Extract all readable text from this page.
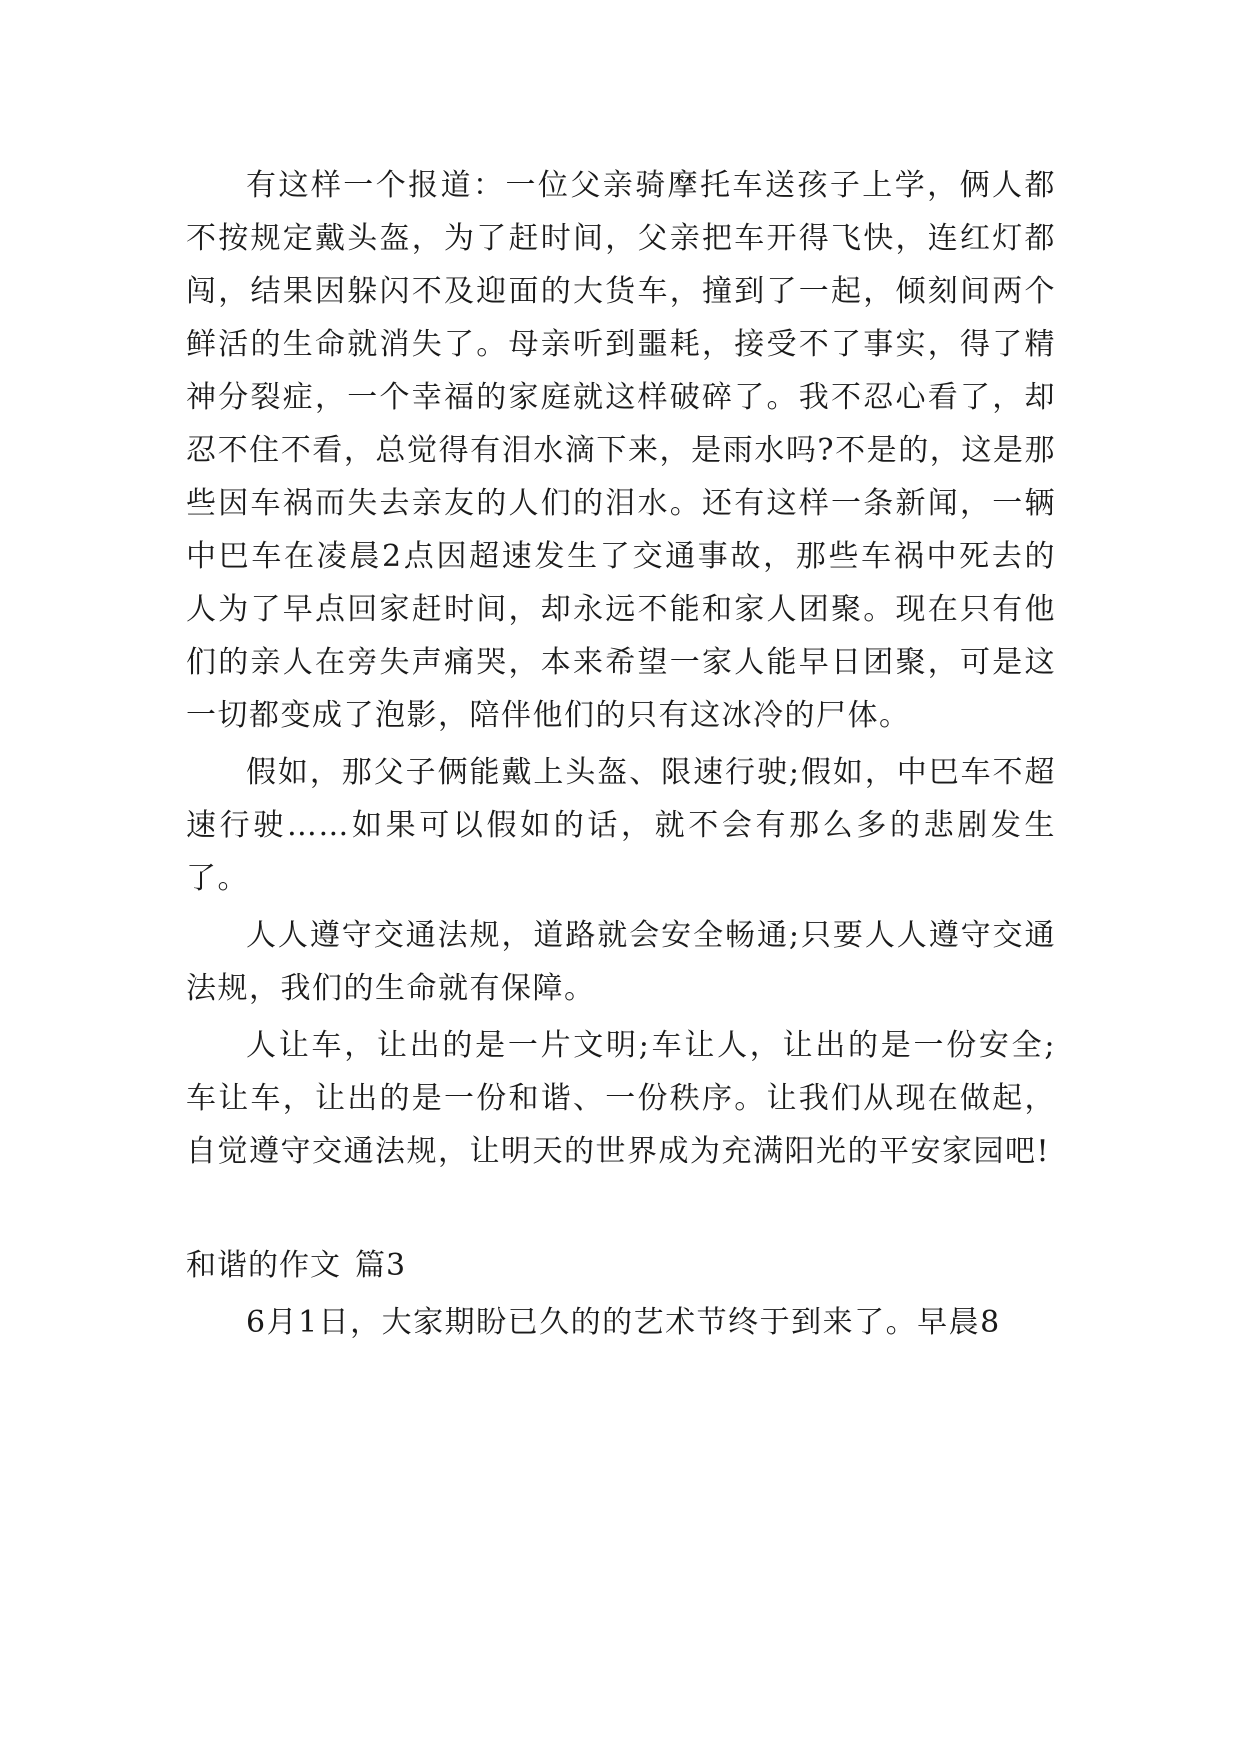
有这样一个报道：一位父亲骑摩托车送孩子上学，俩人都不按规定戴头盔，为了赶时间，父亲把车开得飞快，连红灯都闯，结果因躲闪不及迎面的大货车，撞到了一起，倾刻间两个鲜活的生命就消失了。母亲听到噩耗，接受不了事实，得了精神分裂症，一个幸福的家庭就这样破碎了。我不忍心看了，却忍不住不看，总觉得有泪水滴下来，是雨水吗?不是的，这是那些因车祸而失去亲友的人们的泪水。还有这样一条新闻，一辆中巴车在凌晨2点因超速发生了交通事故，那些车祸中死去的人为了早点回家赶时间，却永远不能和家人团聚。现在只有他们的亲人在旁失声痛哭，本来希望一家人能早日团聚，可是这一切都变成了泡影，陪伴他们的只有这冰冷的尸体。

假如，那父子俩能戴上头盔、限速行驶;假如，中巴车不超速行驶……如果可以假如的话，就不会有那么多的悲剧发生了。

人人遵守交通法规，道路就会安全畅通;只要人人遵守交通法规，我们的生命就有保障。

人让车，让出的是一片文明;车让人，让出的是一份安全;车让车，让出的是一份和谐、一份秩序。让我们从现在做起，自觉遵守交通法规，让明天的世界成为充满阳光的平安家园吧!

和谐的作文 篇3

6月1日，大家期盼已久的的艺术节终于到来了。早晨8
